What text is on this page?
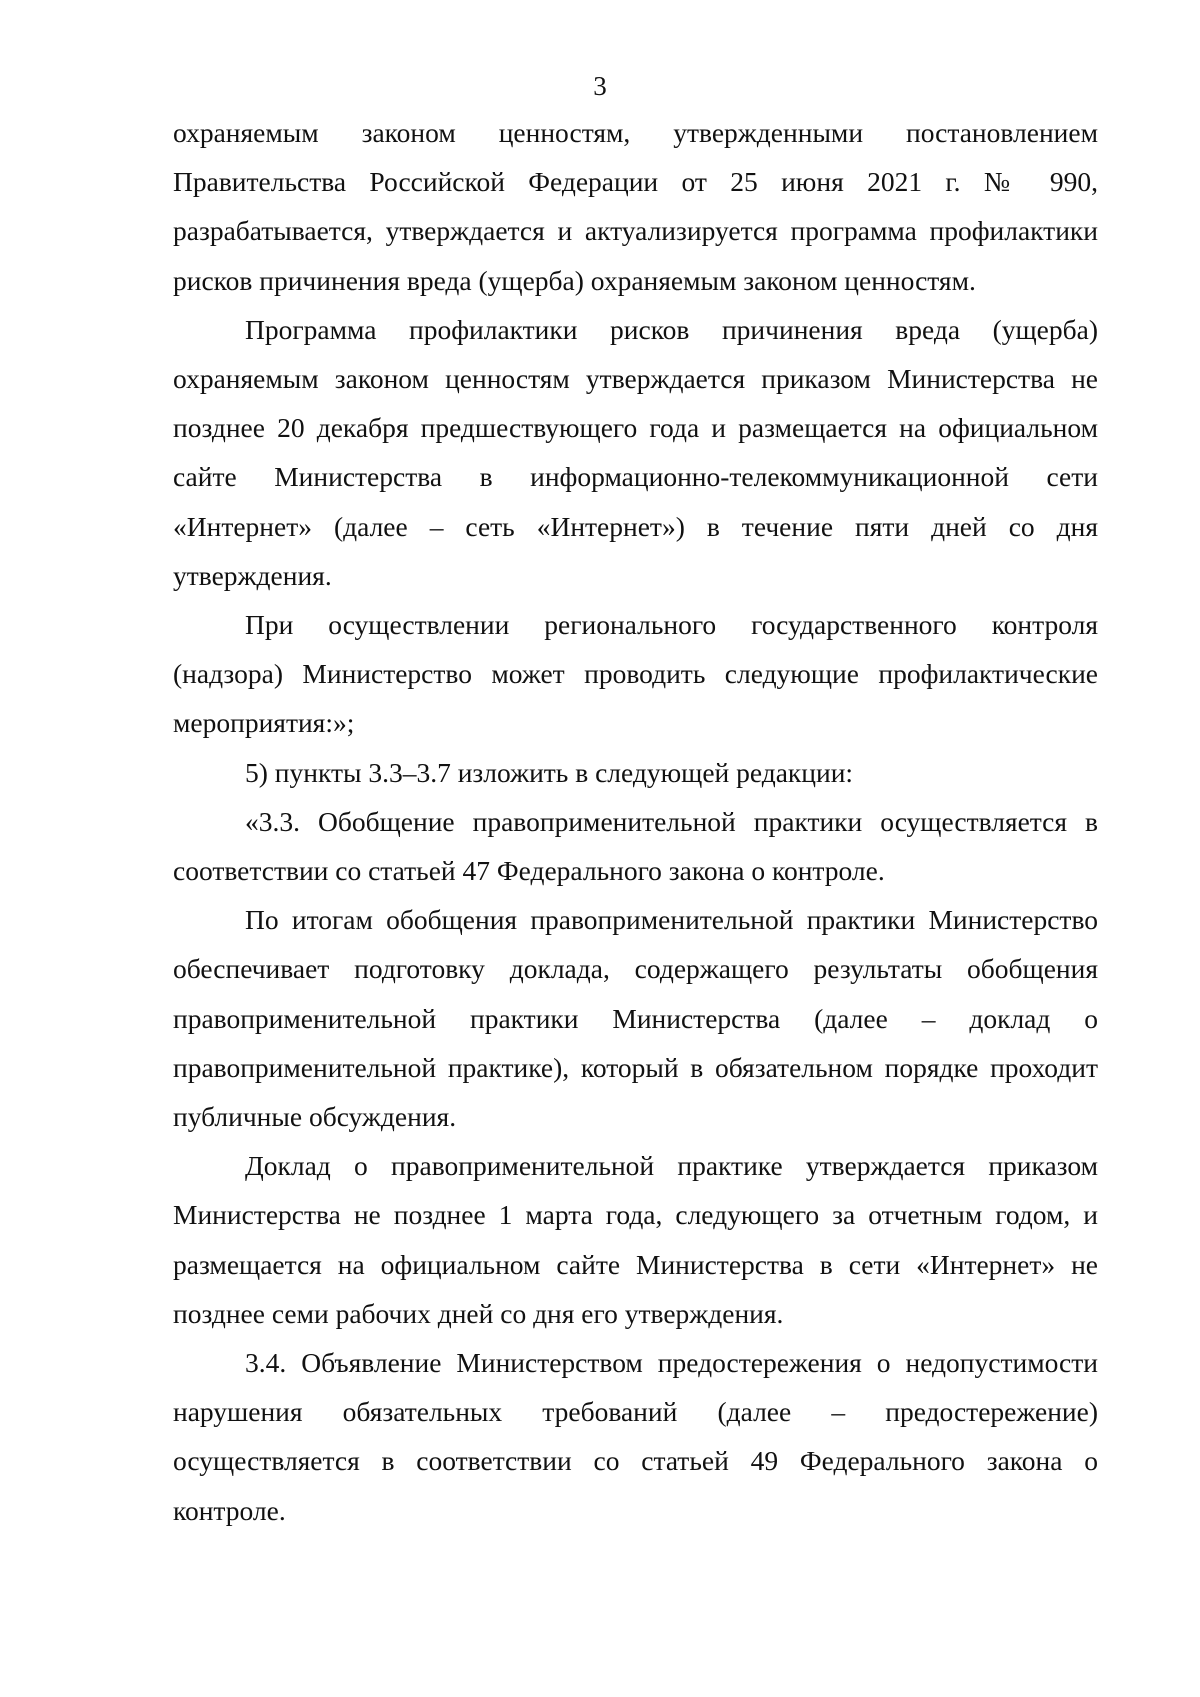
3

охраняемым законом ценностям, утвержденными постановлением Правительства Российской Федерации от 25 июня 2021 г. № 990, разрабатывается, утверждается и актуализируется программа профилактики рисков причинения вреда (ущерба) охраняемым законом ценностям.

Программа профилактики рисков причинения вреда (ущерба) охраняемым законом ценностям утверждается приказом Министерства не позднее 20 декабря предшествующего года и размещается на официальном сайте Министерства в информационно-телекоммуникационной сети «Интернет» (далее – сеть «Интернет») в течение пяти дней со дня утверждения.

При осуществлении регионального государственного контроля (надзора) Министерство может проводить следующие профилактические мероприятия:»;

5) пункты 3.3–3.7 изложить в следующей редакции:

«3.3. Обобщение правоприменительной практики осуществляется в соответствии со статьей 47 Федерального закона о контроле.

По итогам обобщения правоприменительной практики Министерство обеспечивает подготовку доклада, содержащего результаты обобщения правоприменительной практики Министерства (далее – доклад о правоприменительной практике), который в обязательном порядке проходит публичные обсуждения.

Доклад о правоприменительной практике утверждается приказом Министерства не позднее 1 марта года, следующего за отчетным годом, и размещается на официальном сайте Министерства в сети «Интернет» не позднее семи рабочих дней со дня его утверждения.

3.4. Объявление Министерством предостережения о недопустимости нарушения обязательных требований (далее – предостережение) осуществляется в соответствии со статьей 49 Федерального закона о контроле.
